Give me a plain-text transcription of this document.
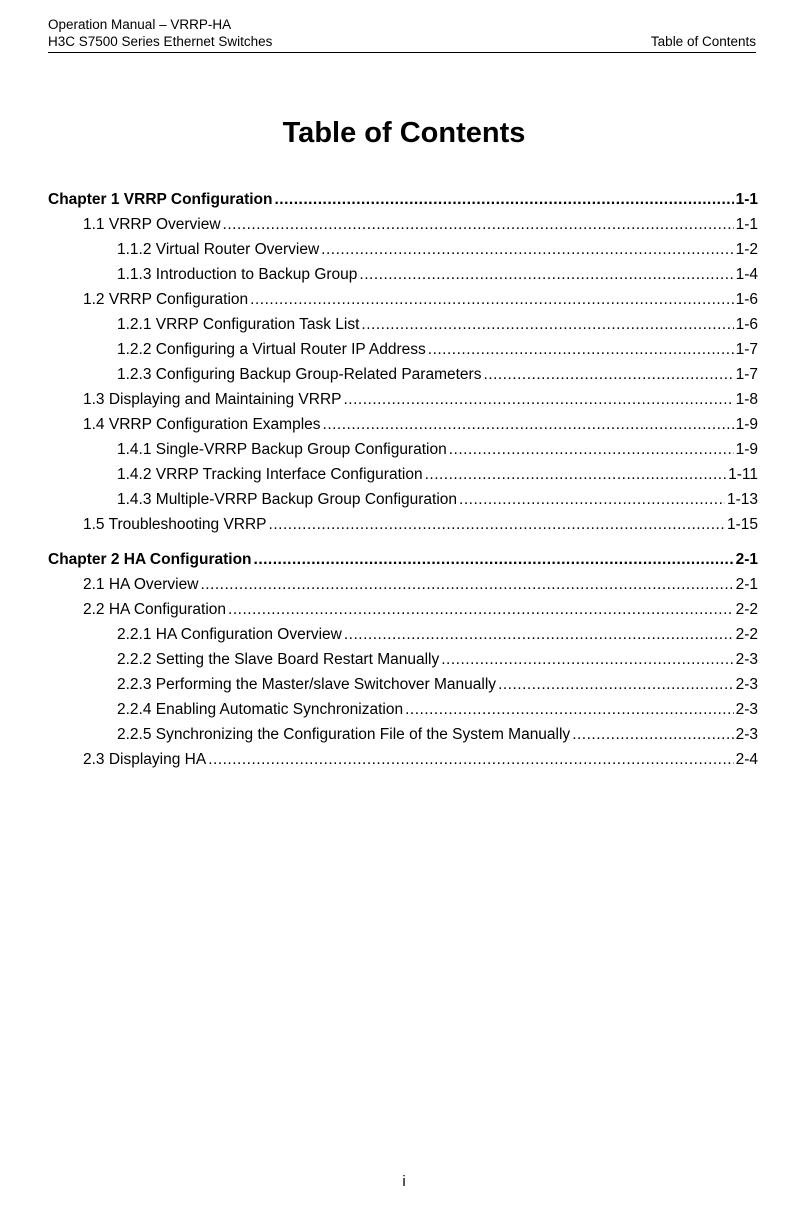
Operation Manual – VRRP-HA
H3C S7500 Series Ethernet Switches	Table of Contents
Table of Contents
Chapter 1 VRRP Configuration .....	1-1
1.1 VRRP Overview .....	1-1
1.1.2 Virtual Router Overview .....	1-2
1.1.3 Introduction to Backup Group .....	1-4
1.2 VRRP Configuration .....	1-6
1.2.1 VRRP Configuration Task List .....	1-6
1.2.2 Configuring a Virtual Router IP Address .....	1-7
1.2.3 Configuring Backup Group-Related Parameters .....	1-7
1.3 Displaying and Maintaining VRRP .....	1-8
1.4 VRRP Configuration Examples .....	1-9
1.4.1 Single-VRRP Backup Group Configuration .....	1-9
1.4.2 VRRP Tracking Interface Configuration .....	1-11
1.4.3 Multiple-VRRP Backup Group Configuration .....	1-13
1.5 Troubleshooting VRRP .....	1-15
Chapter 2 HA Configuration .....	2-1
2.1 HA Overview .....	2-1
2.2 HA Configuration .....	2-2
2.2.1 HA Configuration Overview .....	2-2
2.2.2 Setting the Slave Board Restart Manually .....	2-3
2.2.3 Performing the Master/slave Switchover Manually .....	2-3
2.2.4 Enabling Automatic Synchronization .....	2-3
2.2.5 Synchronizing the Configuration File of the System Manually .....	2-3
2.3 Displaying HA .....	2-4
i
